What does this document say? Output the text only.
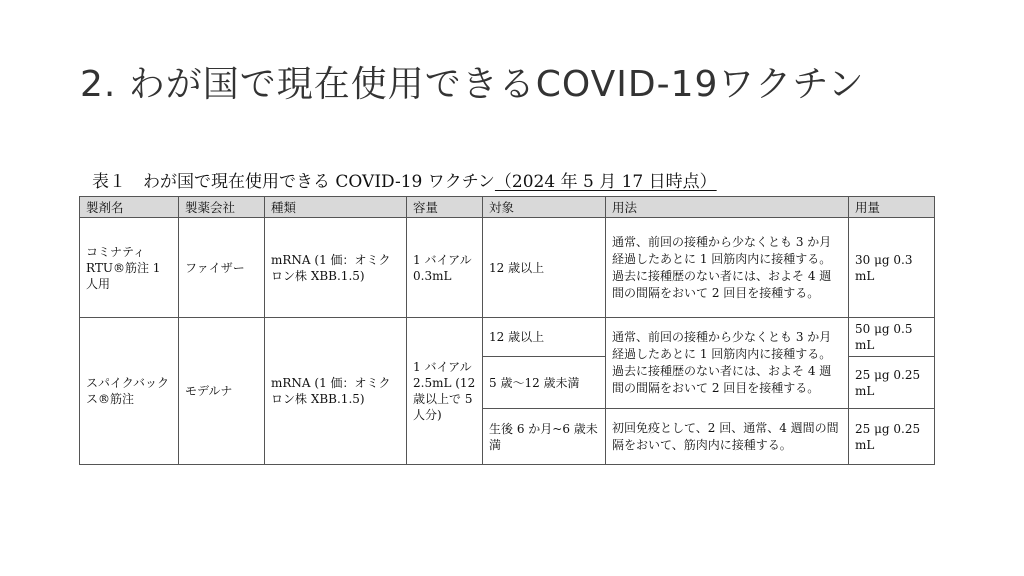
2. わが国で現在使用できるCOVID-19ワクチン
表１　わが国で現在使用できる COVID-19 ワクチン（2024 年 5 月 17 日時点）
製剤名	製薬会社	種類	容量	対象	用法	用量
コミナティ RTU®筋注 1 人用	ファイザー	mRNA (1 価：オミクロン株 XBB.1.5)	1 バイアル 0.3mL	12 歳以上	通常、前回の接種から少なくとも 3 か月経過したあとに 1 回筋肉内に接種する。過去に接種歴のない者には、およそ 4 週間の間隔をおいて 2 回目を接種する。	30 μg 0.3 mL
スパイクバックス®筋注	モデルナ	mRNA (1 価：オミクロン株 XBB.1.5)	1 バイアル 2.5mL (12 歳以上で 5 人分)	12 歳以上	通常、前回の接種から少なくとも 3 か月経過したあとに 1 回筋肉内に接種する。過去に接種歴のない者には、およそ 4 週間の間隔をおいて 2 回目を接種する。	50 μg 0.5 mL
				5 歳～12 歳未満		25 μg 0.25 mL
				生後 6 か月~6 歳未満	初回免疫として、2 回、通常、4 週間の間隔をおいて、筋肉内に接種する。	25 μg 0.25 mL
